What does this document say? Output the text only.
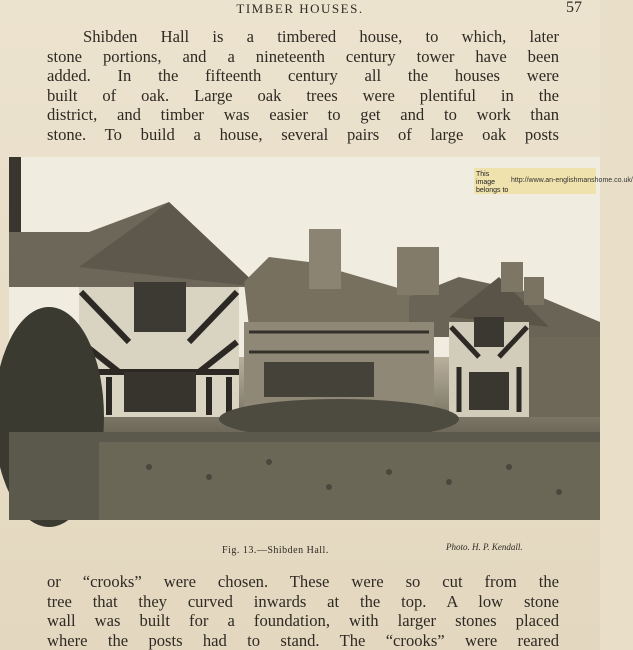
TIMBER HOUSES.	57
Shibden Hall is a timbered house, to which, later
stone portions, and a nineteenth century tower have been
added. In the fifteenth century all the houses were
built of oak. Large oak trees were plentiful in the
district, and timber was easier to get and to work than
stone. To build a house, several pairs of large oak posts
This image belongs to
http://www.an-englishmanshome.co.uk/
Fig. 13.—Shibden Hall.	Photo. H. P. Kendall.
or “crooks” were chosen. These were so cut from the
tree that they curved inwards at the top. A low stone
wall was built for a foundation, with larger stones placed
where the posts had to stand. The “crooks” were reared
